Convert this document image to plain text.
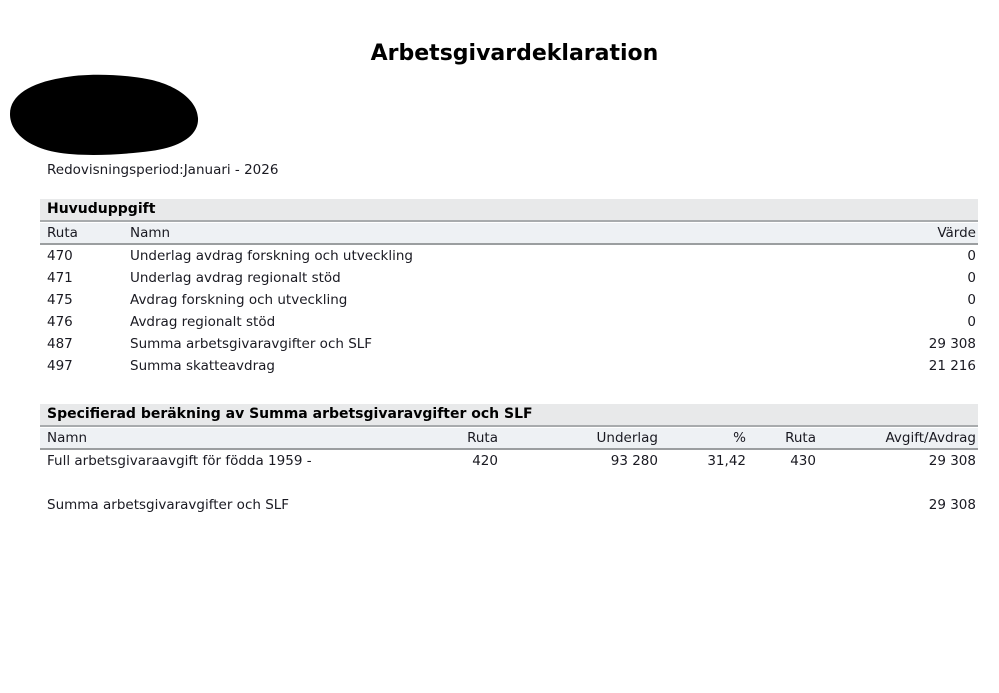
Arbetsgivardeklaration
Redovisningsperiod:Januari - 2026
Huvuduppgift
Ruta	Namn	Värde
470	Underlag avdrag forskning och utveckling	0
471	Underlag avdrag regionalt stöd	0
475	Avdrag forskning och utveckling	0
476	Avdrag regionalt stöd	0
487	Summa arbetsgivaravgifter och SLF	29 308
497	Summa skatteavdrag	21 216
Specifierad beräkning av Summa arbetsgivaravgifter och SLF
Namn	Ruta	Underlag	%	Ruta	Avgift/Avdrag
Full arbetsgivaraavgift för födda 1959 -	420	93 280	31,42	430	29 308

Summa arbetsgivaravgifter och SLF					29 308
